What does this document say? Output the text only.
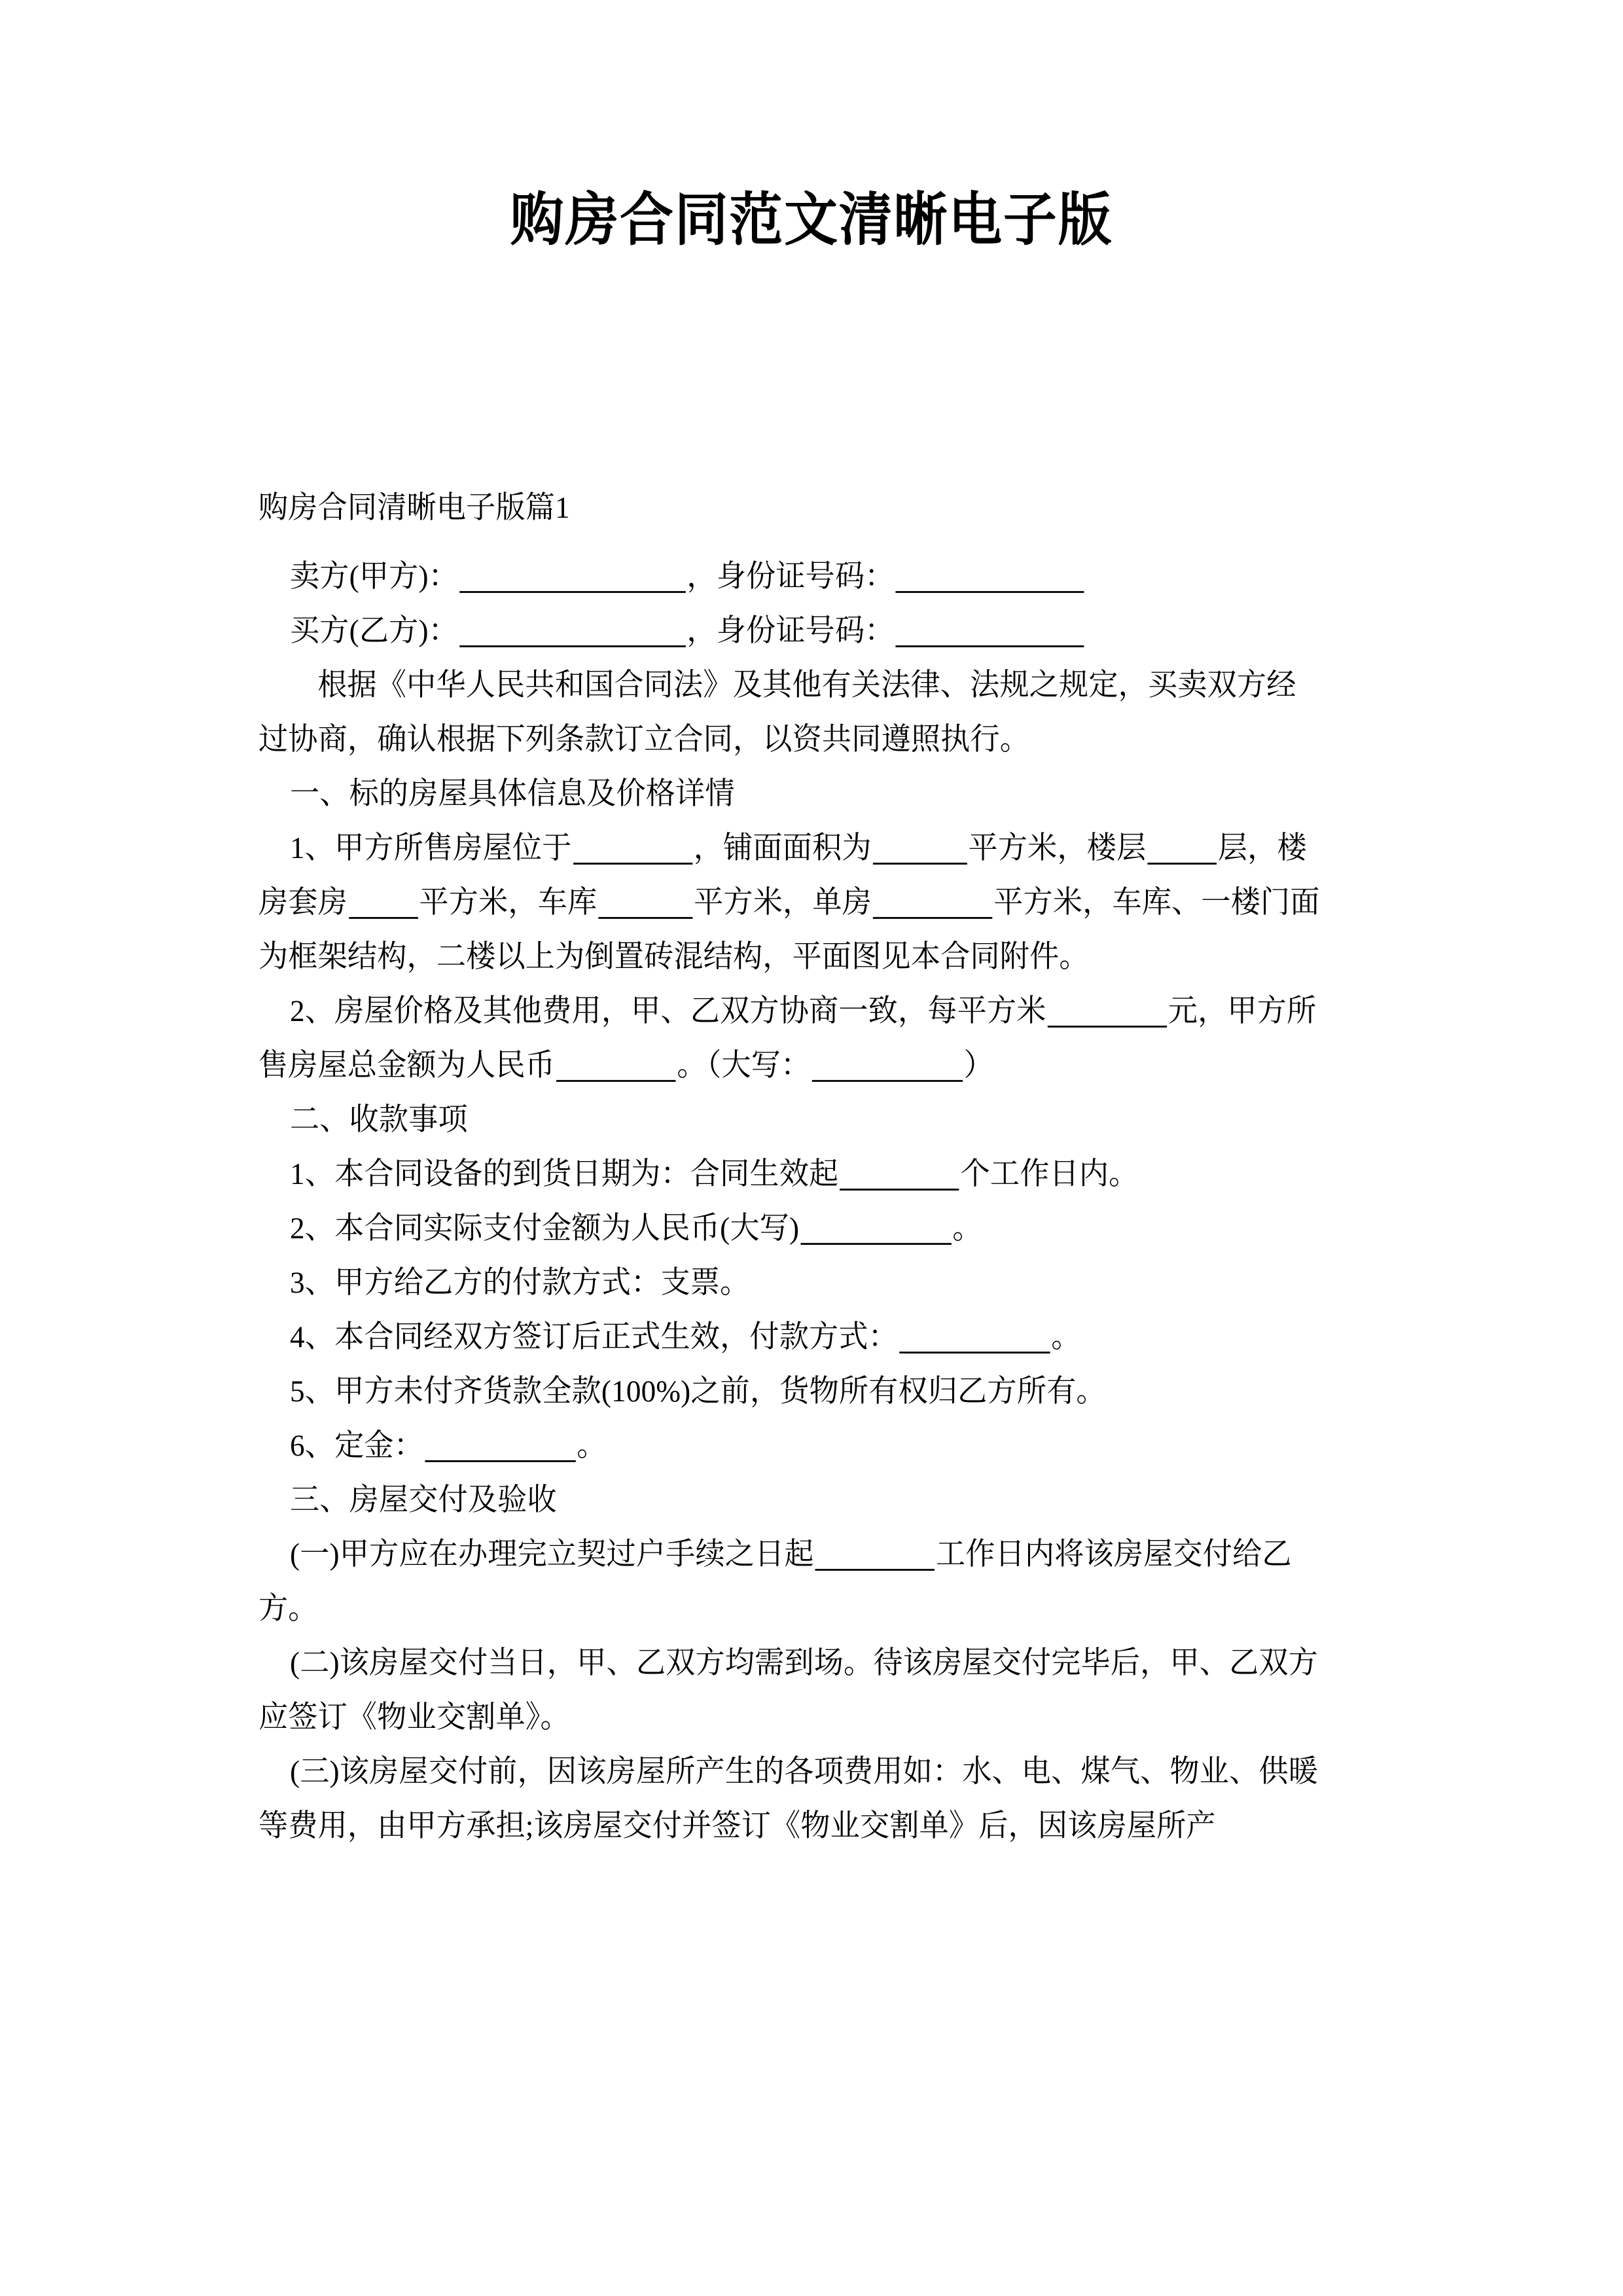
购房合同范文清晰电子版

购房合同清晰电子版篇1

卖方(甲方)：	，身份证号码：

买方(乙方)：	，身份证号码：

根据《中华人民共和国合同法》及其他有关法律、法规之规定，买卖双方经过协商，确认根据下列条款订立合同，以资共同遵照执行。

一、标的房屋具体信息及价格详情

1、甲方所售房屋位于	，铺面面积为	平方米，楼层 层，楼房套房 平方米，车库	平方米，单房	平方米，车库、一楼门面为框架结构，二楼以上为倒置砖混结构，平面图见本合同附件。

2、房屋价格及其他费用，甲、乙双方协商一致，每平方米	元，甲方所售房屋总金额为人民币	。（大写：	）

二、收款事项

1、本合同设备的到货日期为：合同生效起	个工作日内。

2、本合同实际支付金额为人民币(大写)	。

3、甲方给乙方的付款方式：支票。

4、本合同经双方签订后正式生效，付款方式：	。

5、甲方未付齐货款全款(100%)之前，货物所有权归乙方所有。

6、定金：	。

三、房屋交付及验收

(一)甲方应在办理完立契过户手续之日起	工作日内将该房屋交付给乙方。

(二)该房屋交付当日，甲、乙双方均需到场。待该房屋交付完毕后，甲、乙双方应签订《物业交割单》。

(三)该房屋交付前，因该房屋所产生的各项费用如：水、电、煤气、物业、供暖等费用，由甲方承担;该房屋交付并签订《物业交割单》后，因该房屋所产
